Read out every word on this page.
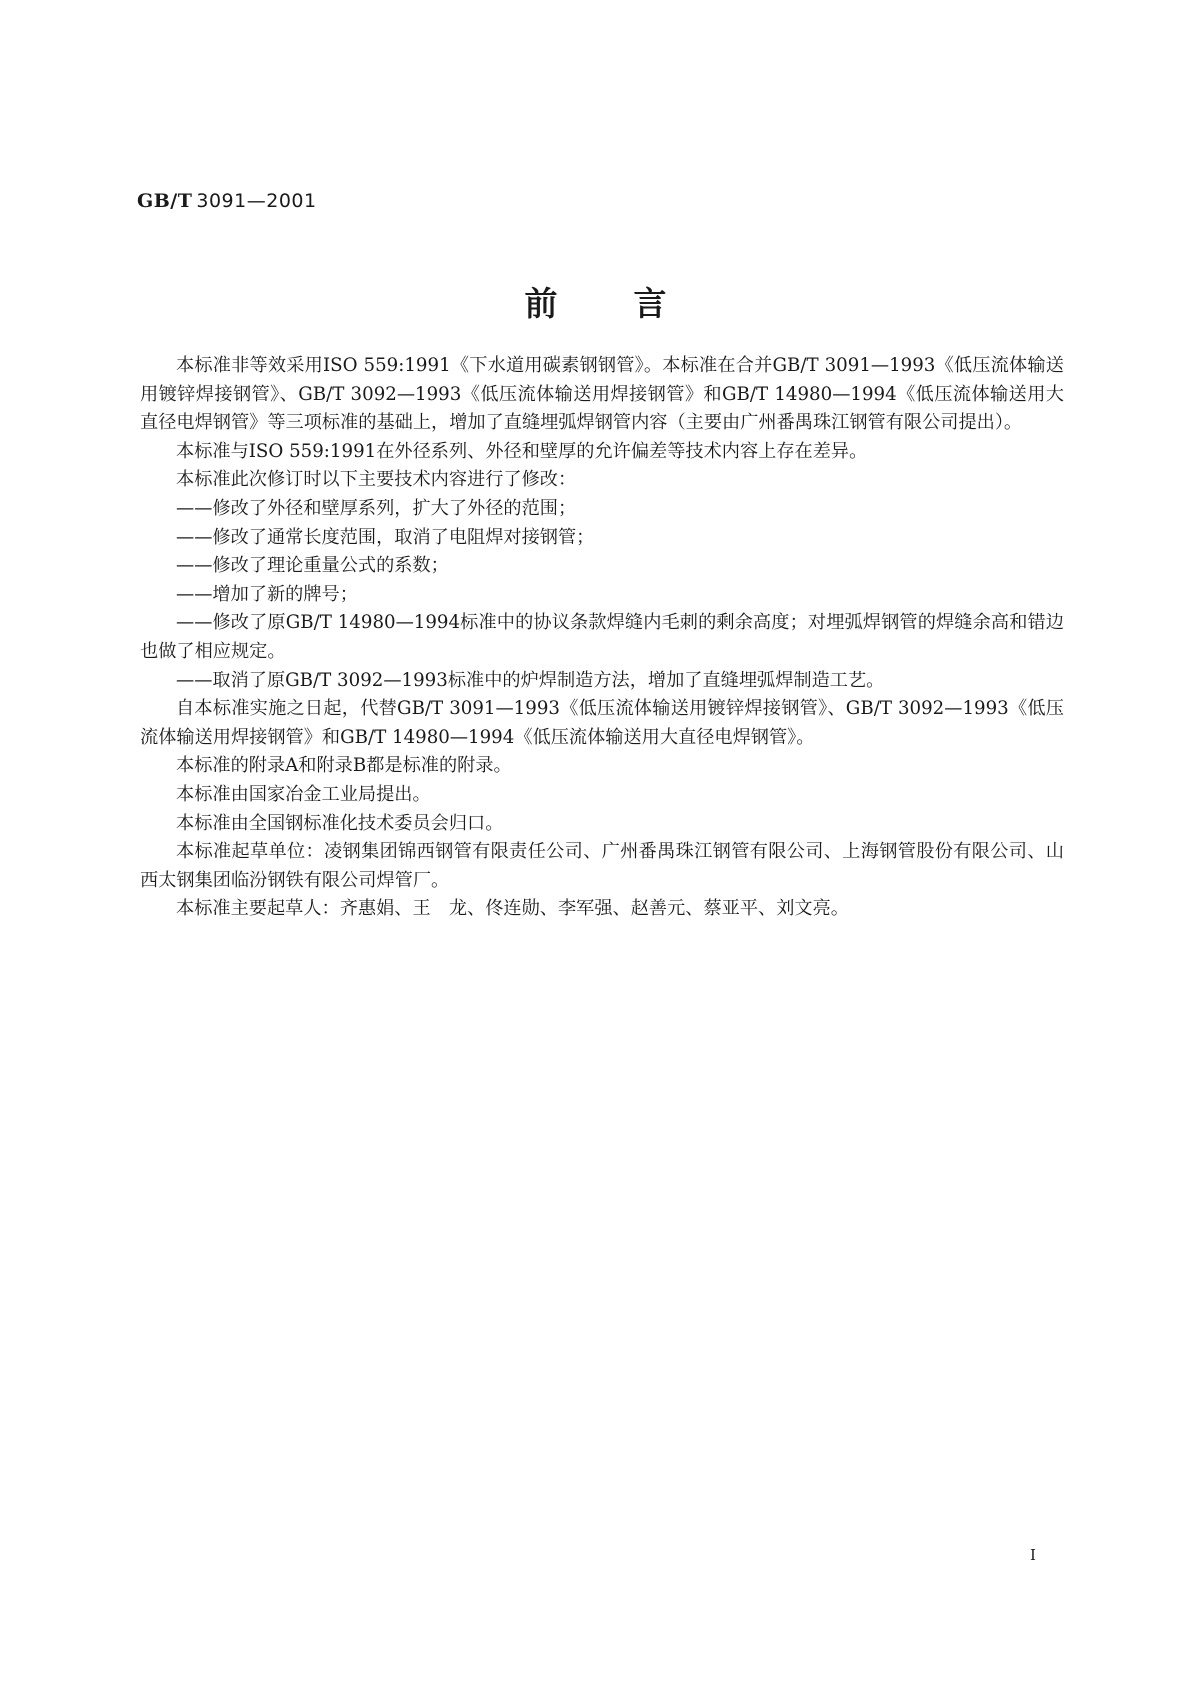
GB/T 3091—2001
前言

本标准非等效采用ISO 559:1991《下水道用碳素钢钢管》。本标准在合并GB/T 3091—1993《低压流体输送用镀锌焊接钢管》、GB/T 3092—1993《低压流体输送用焊接钢管》和GB/T 14980—1994《低压流体输送用大直径电焊钢管》等三项标准的基础上，增加了直缝埋弧焊钢管内容（主要由广州番禺珠江钢管有限公司提出）。

本标准与ISO 559:1991在外径系列、外径和壁厚的允许偏差等技术内容上存在差异。

本标准此次修订时以下主要技术内容进行了修改：

——修改了外径和壁厚系列，扩大了外径的范围；

——修改了通常长度范围，取消了电阻焊对接钢管；

——修改了理论重量公式的系数；

——增加了新的牌号；

——修改了原GB/T 14980—1994标准中的协议条款焊缝内毛刺的剩余高度；对埋弧焊钢管的焊缝余高和错边也做了相应规定。

——取消了原GB/T 3092—1993标准中的炉焊制造方法，增加了直缝埋弧焊制造工艺。

自本标准实施之日起，代替GB/T 3091—1993《低压流体输送用镀锌焊接钢管》、GB/T 3092—1993《低压流体输送用焊接钢管》和GB/T 14980—1994《低压流体输送用大直径电焊钢管》。

本标准的附录A和附录B都是标准的附录。

本标准由国家冶金工业局提出。

本标准由全国钢标准化技术委员会归口。

本标准起草单位：凌钢集团锦西钢管有限责任公司、广州番禺珠江钢管有限公司、上海钢管股份有限公司、山西太钢集团临汾钢铁有限公司焊管厂。

本标准主要起草人：齐惠娟、王　龙、佟连勋、李军强、赵善元、蔡亚平、刘文亮。

I
